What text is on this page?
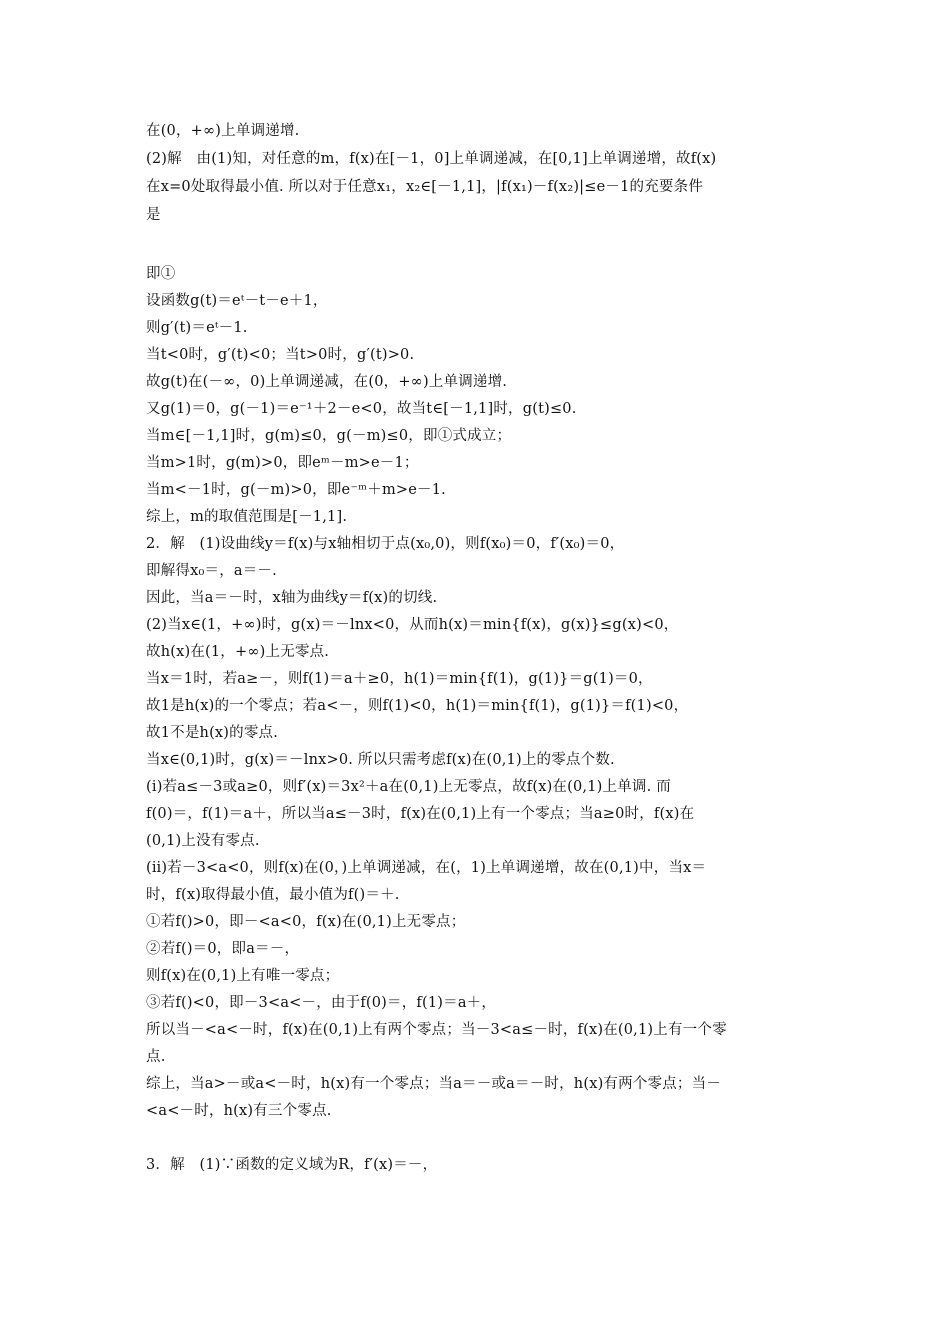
在(0，+∞)上单调递增.
(2)解　由(1)知，对任意的m，f(x)在[－1，0]上单调递减，在[0,1]上单调递增，故f(x)
在x=0处取得最小值. 所以对于任意x₁，x₂∈[－1,1]，|f(x₁)－f(x₂)|≤e－1的充要条件
是
即①
设函数g(t)＝eᵗ－t－e＋1，
则g′(t)＝eᵗ－1.
当t<0时，g′(t)<0；当t>0时，g′(t)>0.
故g(t)在(－∞，0)上单调递减，在(0，+∞)上单调递增.
又g(1)＝0，g(－1)＝e⁻¹＋2－e<0，故当t∈[－1,1]时，g(t)≤0.
当m∈[－1,1]时，g(m)≤0，g(－m)≤0，即①式成立；
当m>1时，g(m)>0，即eᵐ－m>e－1；
当m<－1时，g(－m)>0，即e⁻ᵐ＋m>e－1.
综上，m的取值范围是[－1,1].
2．解　(1)设曲线y＝f(x)与x轴相切于点(x₀,0)，则f(x₀)＝0，f′(x₀)＝0，
即解得x₀＝，a＝－.
因此，当a＝－时，x轴为曲线y＝f(x)的切线.
(2)当x∈(1，+∞)时，g(x)＝－lnx<0，从而h(x)＝min{f(x)，g(x)}≤g(x)<0，
故h(x)在(1，+∞)上无零点.
当x＝1时，若a≥－，则f(1)＝a＋≥0，h(1)＝min{f(1)，g(1)}＝g(1)＝0，
故1是h(x)的一个零点；若a<－，则f(1)<0，h(1)＝min{f(1)，g(1)}＝f(1)<0，
故1不是h(x)的零点.
当x∈(0,1)时，g(x)＝－lnx>0. 所以只需考虑f(x)在(0,1)上的零点个数.
(ⅰ)若a≤－3或a≥0，则f′(x)＝3x²＋a在(0,1)上无零点，故f(x)在(0,1)上单调. 而
f(0)＝，f(1)＝a＋，所以当a≤－3时，f(x)在(0,1)上有一个零点；当a≥0时，f(x)在
(0,1)上没有零点.
(ⅱ)若－3<a<0，则f(x)在(0，)上单调递减，在(，1)上单调递增，故在(0,1)中，当x＝
时，f(x)取得最小值，最小值为f()＝＋.
①若f()>0，即－<a<0，f(x)在(0,1)上无零点；
②若f()＝0，即a＝－，
则f(x)在(0,1)上有唯一零点；
③若f()<0，即－3<a<－，由于f(0)＝，f(1)＝a＋，
所以当－<a<－时，f(x)在(0,1)上有两个零点；当－3<a≤－时，f(x)在(0,1)上有一个零
点.
综上，当a>－或a<－时，h(x)有一个零点；当a＝－或a＝－时，h(x)有两个零点；当－
<a<－时，h(x)有三个零点.
3．解　(1)∵函数的定义域为R，f′(x)＝－，
